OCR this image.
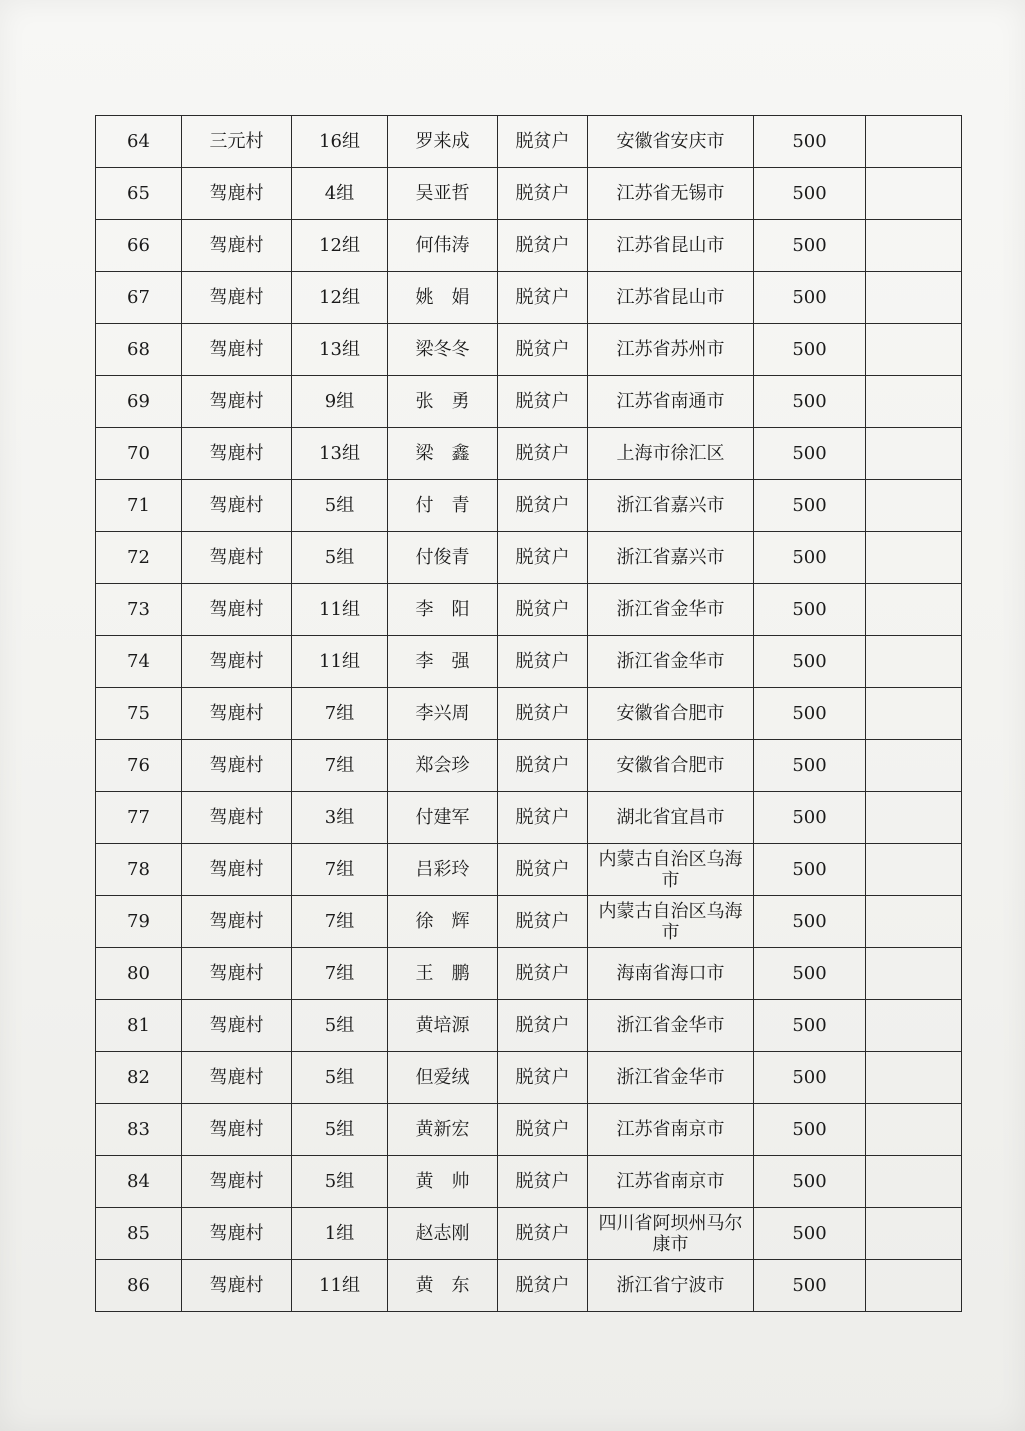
64	三元村	16组	罗来成	脱贫户	安徽省安庆市	500	
65	驾鹿村	4组	吴亚哲	脱贫户	江苏省无锡市	500	
66	驾鹿村	12组	何伟涛	脱贫户	江苏省昆山市	500	
67	驾鹿村	12组	姚　娟	脱贫户	江苏省昆山市	500	
68	驾鹿村	13组	梁冬冬	脱贫户	江苏省苏州市	500	
69	驾鹿村	9组	张　勇	脱贫户	江苏省南通市	500	
70	驾鹿村	13组	梁　鑫	脱贫户	上海市徐汇区	500	
71	驾鹿村	5组	付　青	脱贫户	浙江省嘉兴市	500	
72	驾鹿村	5组	付俊青	脱贫户	浙江省嘉兴市	500	
73	驾鹿村	11组	李　阳	脱贫户	浙江省金华市	500	
74	驾鹿村	11组	李　强	脱贫户	浙江省金华市	500	
75	驾鹿村	7组	李兴周	脱贫户	安徽省合肥市	500	
76	驾鹿村	7组	郑会珍	脱贫户	安徽省合肥市	500	
77	驾鹿村	3组	付建军	脱贫户	湖北省宜昌市	500	
78	驾鹿村	7组	吕彩玲	脱贫户	内蒙古自治区乌海市	500	
79	驾鹿村	7组	徐　辉	脱贫户	内蒙古自治区乌海市	500	
80	驾鹿村	7组	王　鹏	脱贫户	海南省海口市	500	
81	驾鹿村	5组	黄培源	脱贫户	浙江省金华市	500	
82	驾鹿村	5组	但爱绒	脱贫户	浙江省金华市	500	
83	驾鹿村	5组	黄新宏	脱贫户	江苏省南京市	500	
84	驾鹿村	5组	黄　帅	脱贫户	江苏省南京市	500	
85	驾鹿村	1组	赵志刚	脱贫户	四川省阿坝州马尔康市	500	
86	驾鹿村	11组	黄　东	脱贫户	浙江省宁波市	500	
